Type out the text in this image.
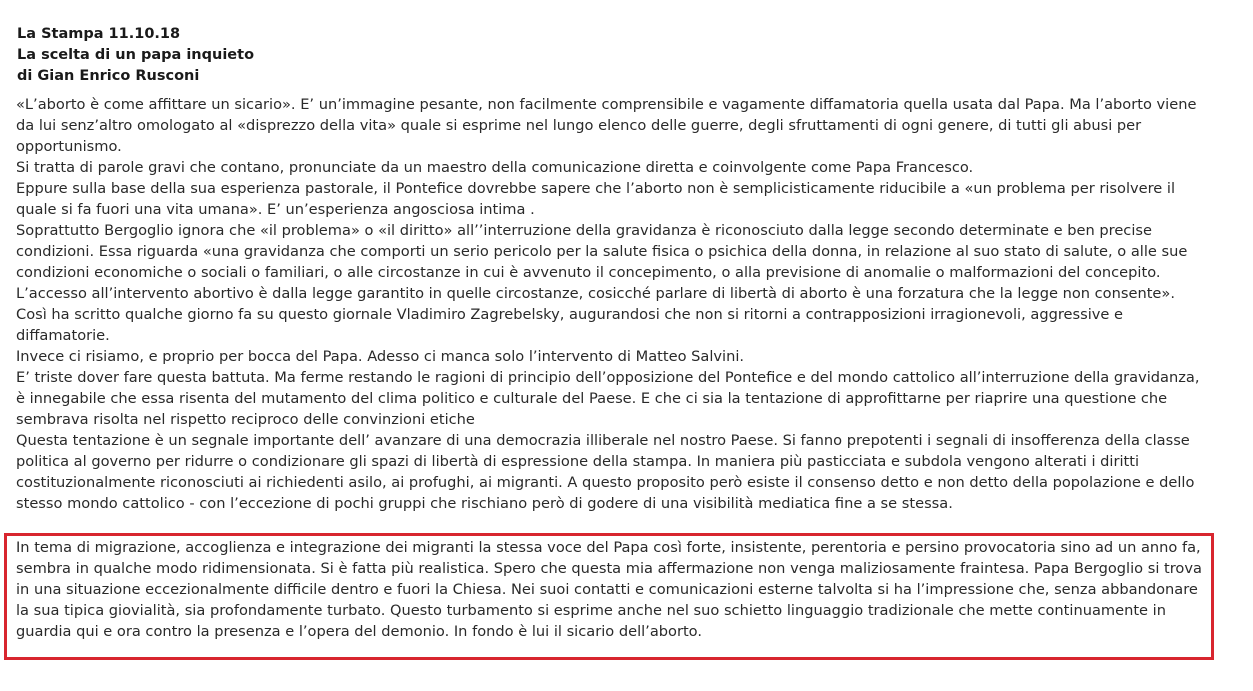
La Stampa 11.10.18
La scelta di un papa inquieto
di Gian Enrico Rusconi

«L’aborto è come affittare un sicario». E’ un’immagine pesante, non facilmente comprensibile e vagamente diffamatoria quella usata dal Papa. Ma l’aborto viene da lui senz’altro omologato al «disprezzo della vita» quale si esprime nel lungo elenco delle guerre, degli sfruttamenti di ogni genere, di tutti gli abusi per opportunismo.

Si tratta di parole gravi che contano, pronunciate da un maestro della comunicazione diretta e coinvolgente come Papa Francesco.

Eppure sulla base della sua esperienza pastorale, il Pontefice dovrebbe sapere che l’aborto non è semplicisticamente riducibile a «un problema per risolvere il quale si fa fuori una vita umana». E’ un’esperienza angosciosa intima .

Soprattutto Bergoglio ignora che «il problema» o «il diritto» all’’interruzione della gravidanza è riconosciuto dalla legge secondo determinate e ben precise condizioni. Essa riguarda «una gravidanza che comporti un serio pericolo per la salute fisica o psichica della donna, in relazione al suo stato di salute, o alle sue condizioni economiche o sociali o familiari, o alle circostanze in cui è avvenuto il concepimento, o alla previsione di anomalie o malformazioni del concepito. L’accesso all’intervento abortivo è dalla legge garantito in quelle circostanze, cosicché parlare di libertà di aborto è una forzatura che la legge non consente». Così ha scritto qualche giorno fa su questo giornale Vladimiro Zagrebelsky, augurandosi che non si ritorni a contrapposizioni irragionevoli, aggressive e diffamatorie.

Invece ci risiamo, e proprio per bocca del Papa. Adesso ci manca solo l’intervento di Matteo Salvini.

E’ triste dover fare questa battuta. Ma ferme restando le ragioni di principio dell’opposizione del Pontefice e del mondo cattolico all’interruzione della gravidanza, è innegabile che essa risenta del mutamento del clima politico e culturale del Paese. E che ci sia la tentazione di approfittarne per riaprire una questione che sembrava risolta nel rispetto reciproco delle convinzioni etiche

Questa tentazione è un segnale importante dell’ avanzare di una democrazia illiberale nel nostro Paese. Si fanno prepotenti i segnali di insofferenza della classe politica al governo per ridurre o condizionare gli spazi di libertà di espressione della stampa. In maniera più pasticciata e subdola vengono alterati i diritti costituzionalmente riconosciuti ai richiedenti asilo, ai profughi, ai migranti. A questo proposito però esiste il consenso detto e non detto della popolazione e dello stesso mondo cattolico - con l’eccezione di pochi gruppi che rischiano però di godere di una visibilità mediatica fine a se stessa.

In tema di migrazione, accoglienza e integrazione dei migranti la stessa voce del Papa così forte, insistente, perentoria e persino provocatoria sino ad un anno fa, sembra in qualche modo ridimensionata. Si è fatta più realistica. Spero che questa mia affermazione non venga maliziosamente fraintesa. Papa Bergoglio si trova in una situazione eccezionalmente difficile dentro e fuori la Chiesa. Nei suoi contatti e comunicazioni esterne talvolta si ha l’impressione che, senza abbandonare la sua tipica giovialità, sia profondamente turbato. Questo turbamento si esprime anche nel suo schietto linguaggio tradizionale che mette continuamente in guardia qui e ora contro la presenza e l’opera del demonio. In fondo è lui il sicario dell’aborto.
